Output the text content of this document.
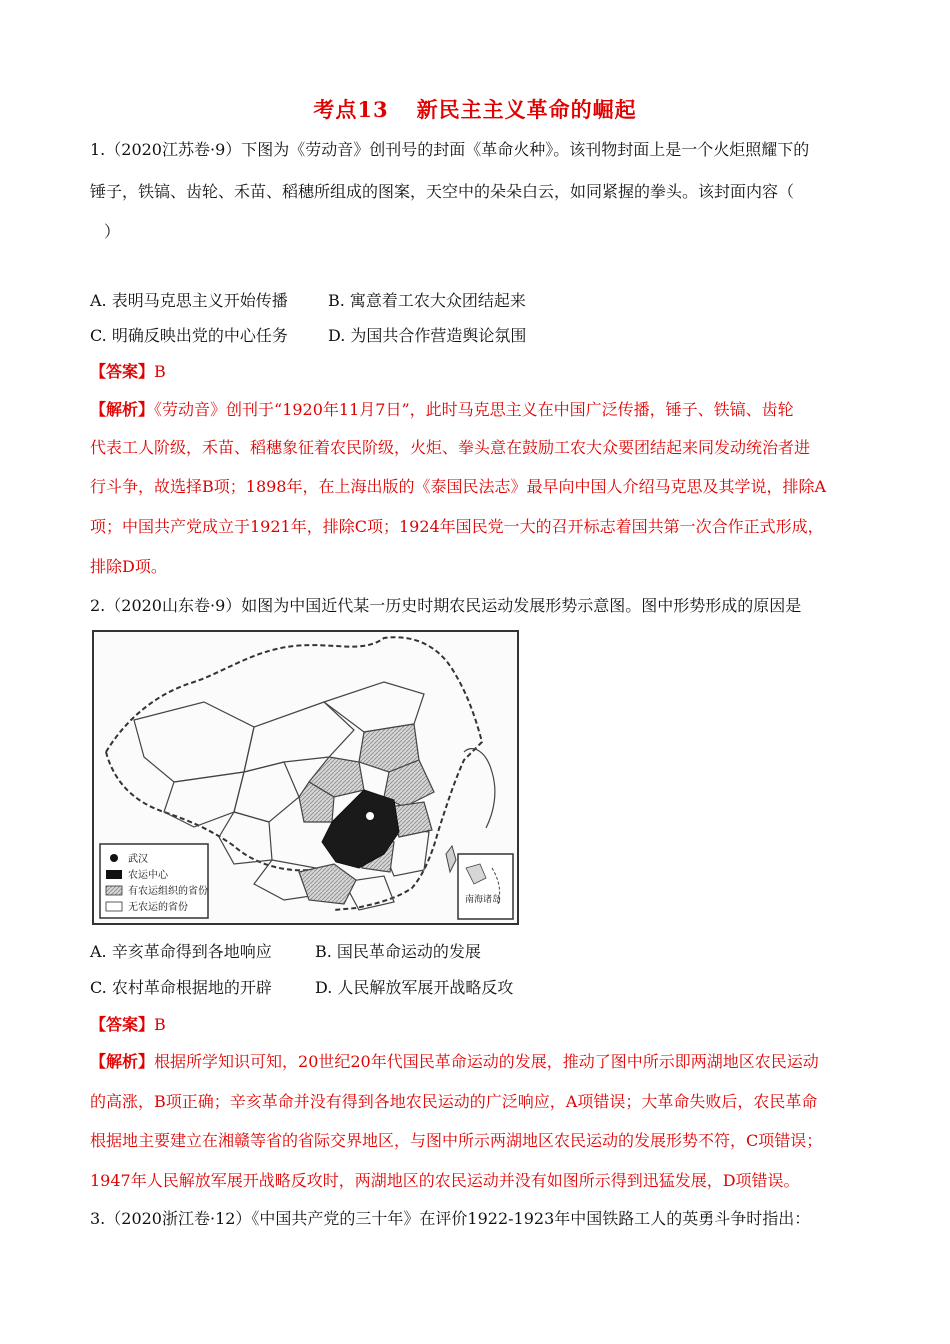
考点13 新民主主义革命的崛起
1.（2020江苏卷·9）下图为《劳动音》创刊号的封面《革命火种》。该刊物封面上是一个火炬照耀下的
锤子，铁镐、齿轮、禾苗、稻穗所组成的图案，天空中的朵朵白云，如同紧握的拳头。该封面内容（
）
A. 表明马克思主义开始传播	B. 寓意着工农大众团结起来
C. 明确反映出党的中心任务	D. 为国共合作营造舆论氛围
【答案】B
【解析】《劳动音》创刊于“1920年11月7日”，此时马克思主义在中国广泛传播，锤子、铁镐、齿轮
代表工人阶级，禾苗、稻穗象征着农民阶级，火炬、拳头意在鼓励工农大众要团结起来同发动统治者进
行斗争，故选择B项；1898年，在上海出版的《泰国民法志》最早向中国人介绍马克思及其学说，排除A
项；中国共产党成立于1921年，排除C项；1924年国民党一大的召开标志着国共第一次合作正式形成，
排除D项。
2.（2020山东卷·9）如图为中国近代某一历史时期农民运动发展形势示意图。图中形势形成的原因是
武汉
农运中心
有农运组织的省份
无农运的省份
南海诸岛
A. 辛亥革命得到各地响应	B. 国民革命运动的发展
C. 农村革命根据地的开辟	D. 人民解放军展开战略反攻
【答案】B
【解析】根据所学知识可知，20世纪20年代国民革命运动的发展，推动了图中所示即两湖地区农民运动
的高涨，B项正确；辛亥革命并没有得到各地农民运动的广泛响应，A项错误；大革命失败后，农民革命
根据地主要建立在湘赣等省的省际交界地区，与图中所示两湖地区农民运动的发展形势不符，C项错误；
1947年人民解放军展开战略反攻时，两湖地区的农民运动并没有如图所示得到迅猛发展，D项错误。
3.（2020浙江卷·12）《中国共产党的三十年》在评价1922-1923年中国铁路工人的英勇斗争时指出：
